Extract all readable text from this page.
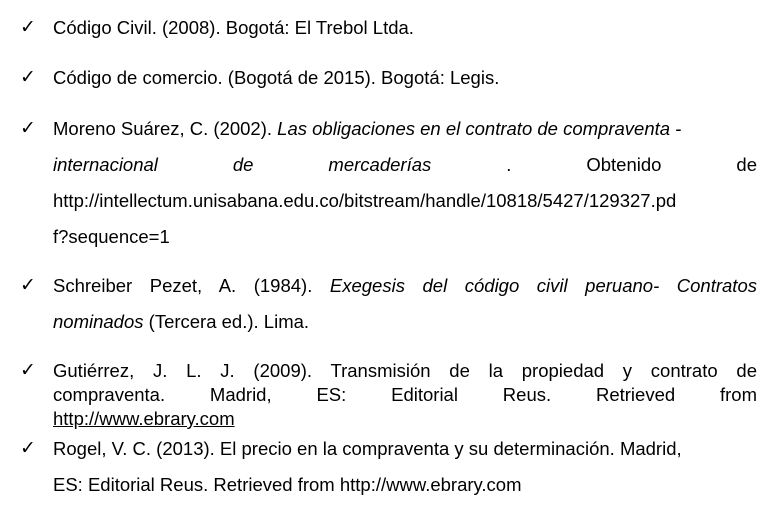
✓ Código Civil. (2008). Bogotá: El Trebol Ltda.
✓ Código de comercio. (Bogotá de 2015). Bogotá: Legis.
✓ Moreno Suárez, C. (2002). Las obligaciones en el contrato de compraventa -
internacional de mercaderías . Obtenido de
http://intellectum.unisabana.edu.co/bitstream/handle/10818/5427/129327.pd
f?sequence=1
✓ Schreiber Pezet, A. (1984). Exegesis del código civil peruano- Contratos
nominados (Tercera ed.). Lima.
✓ Gutiérrez, J. L. J. (2009). Transmisión de la propiedad y contrato de
compraventa. Madrid, ES: Editorial Reus. Retrieved from
http://www.ebrary.com
✓ Rogel, V. C. (2013). El precio en la compraventa y su determinación. Madrid,
ES: Editorial Reus. Retrieved from http://www.ebrary.com
